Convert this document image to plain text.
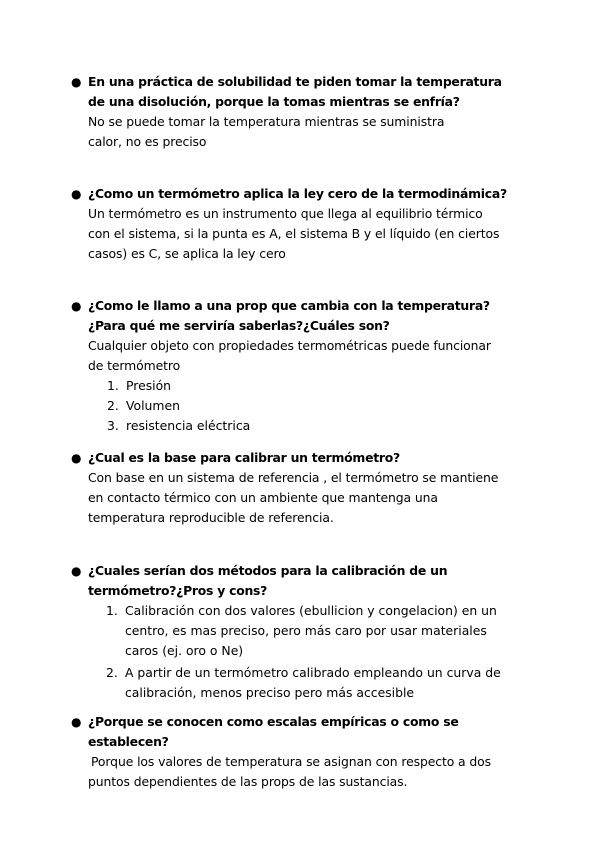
● En una práctica de solubilidad te piden tomar la temperatura de una disolución, porque la tomas mientras se enfría?
No se puede tomar la temperatura mientras se suministra calor, no es preciso
● ¿Como un termómetro aplica la ley cero de la termodinámica?
Un termómetro es un instrumento que llega al equilibrio térmico con el sistema, si la punta es A, el sistema B y el líquido (en ciertos casos) es C, se aplica la ley cero
● ¿Como le llamo a una prop que cambia con la temperatura?¿Para qué me serviría saberlas?¿Cuáles son?
Cualquier objeto con propiedades termométricas puede funcionar de termómetro
1. Presión
2. Volumen
3. resistencia eléctrica
● ¿Cual es la base para calibrar un termómetro?
Con base en un sistema de referencia , el termómetro se mantiene en contacto térmico con un ambiente que mantenga una temperatura reproducible de referencia.
● ¿Cuales serían dos métodos para la calibración de un termómetro?¿Pros y cons?
1. Calibración con dos valores (ebullicion y congelacion) en un centro, es mas preciso, pero más caro por usar materiales caros (ej. oro o Ne)
2. A partir de un termómetro calibrado empleando un curva de calibración, menos preciso pero más accesible
● ¿Porque se conocen como escalas empíricas o como se establecen?
Porque los valores de temperatura se asignan con respecto a dos puntos dependientes de las props de las sustancias.
